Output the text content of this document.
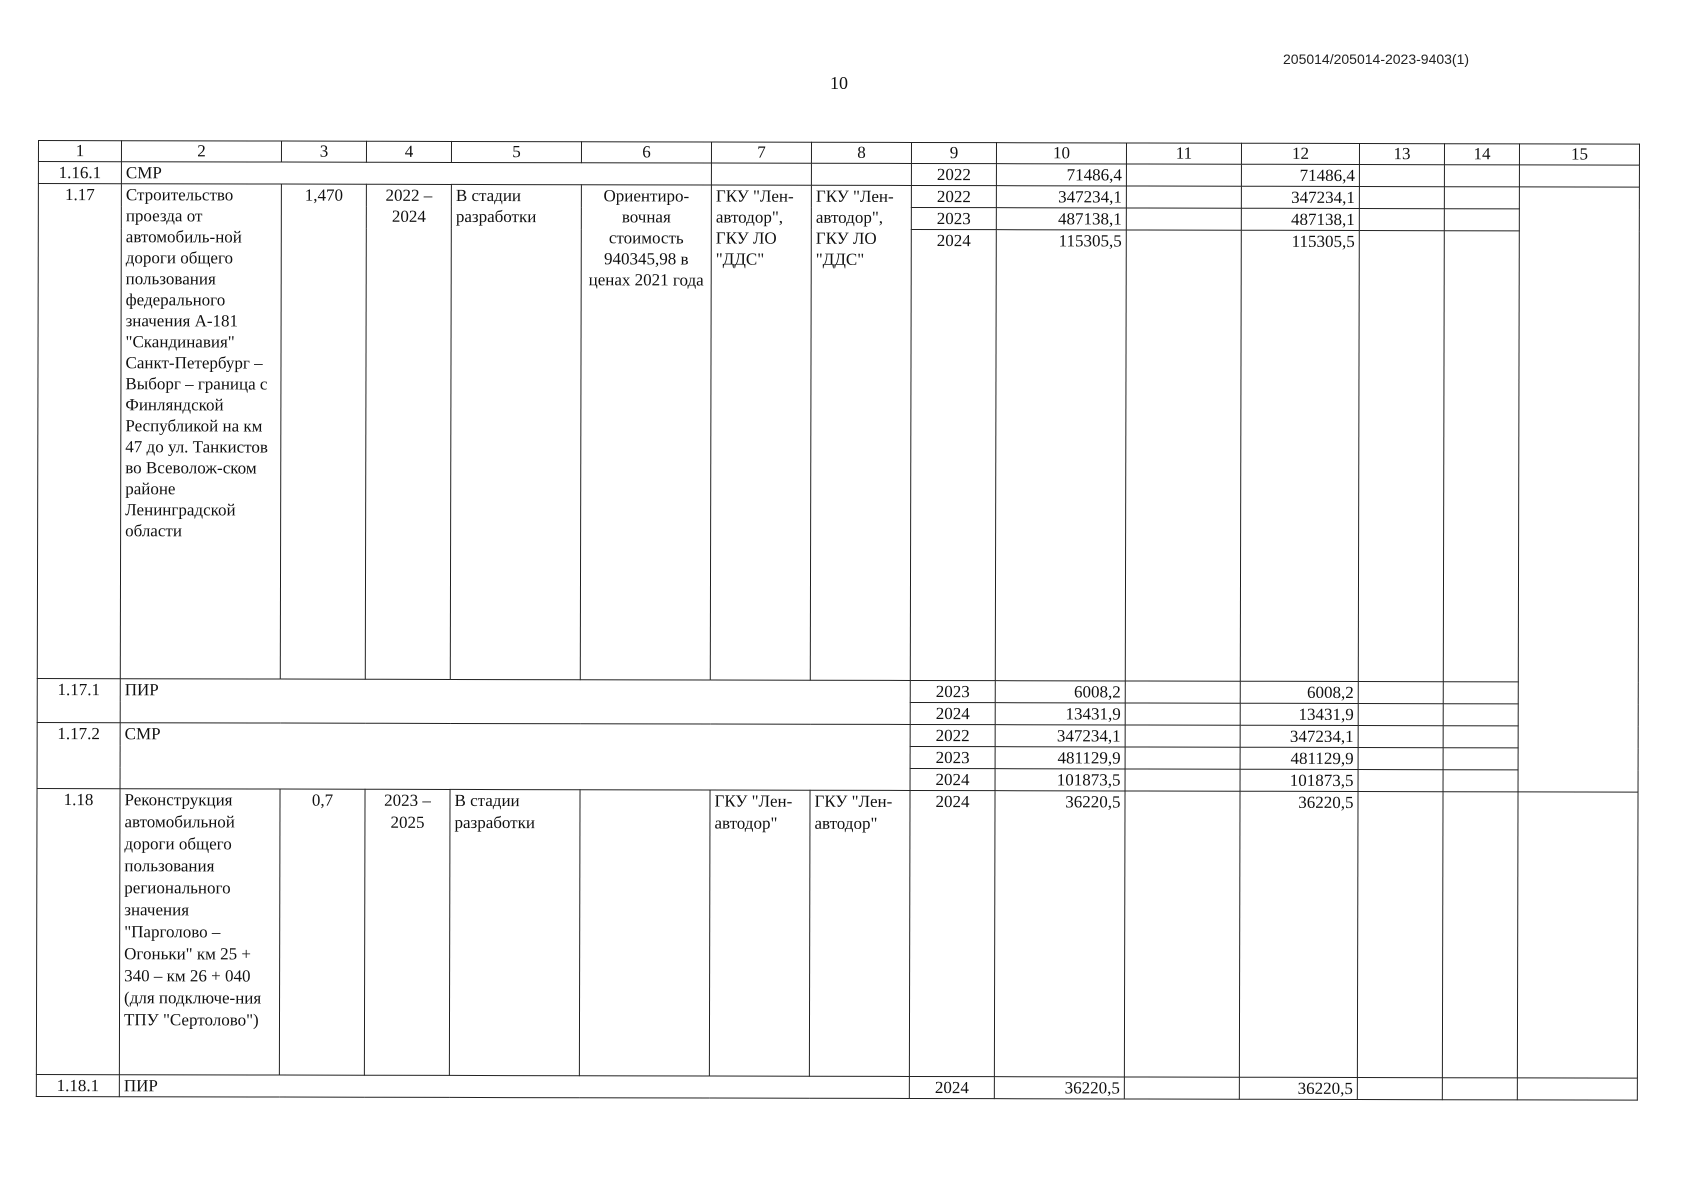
205014/205014-2023-9403(1)
10
1	2	3	4	5	6	7	8	9	10	11	12	13	14	15
1.16.1	СМР							2022	71486,4		71486,4			
1.17	Строительство проезда от автомобиль-ной дороги общего пользования федерального значения А-181 "Скандинавия" Санкт-Петербург – Выборг – граница с Финляндской Республикой на км 47 до ул. Танкистов во Всеволож-ском районе Ленинградской области	1,470	2022 – 2024	В стадии разработки	Ориентиро-вочная стоимость 940345,98 в ценах 2021 года	ГКУ "Лен-автодор", ГКУ ЛО "ДДС"	ГКУ "Лен-автодор", ГКУ ЛО "ДДС"	2022	347234,1		347234,1			
								2023	487138,1		487138,1			
								2024	115305,5		115305,5			
1.17.1	ПИР							2023	6008,2		6008,2			
								2024	13431,9		13431,9			
1.17.2	СМР							2022	347234,1		347234,1			
								2023	481129,9		481129,9			
								2024	101873,5		101873,5			
1.18	Реконструкция автомобильной дороги общего пользования регионального значения "Парголово – Огоньки" км 25 + 340 – км 26 + 040 (для подключе-ния ТПУ "Сертолово")	0,7	2023 – 2025	В стадии разработки		ГКУ "Лен-автодор"	ГКУ "Лен-автодор"	2024	36220,5		36220,5			
1.18.1	ПИР							2024	36220,5		36220,5			
